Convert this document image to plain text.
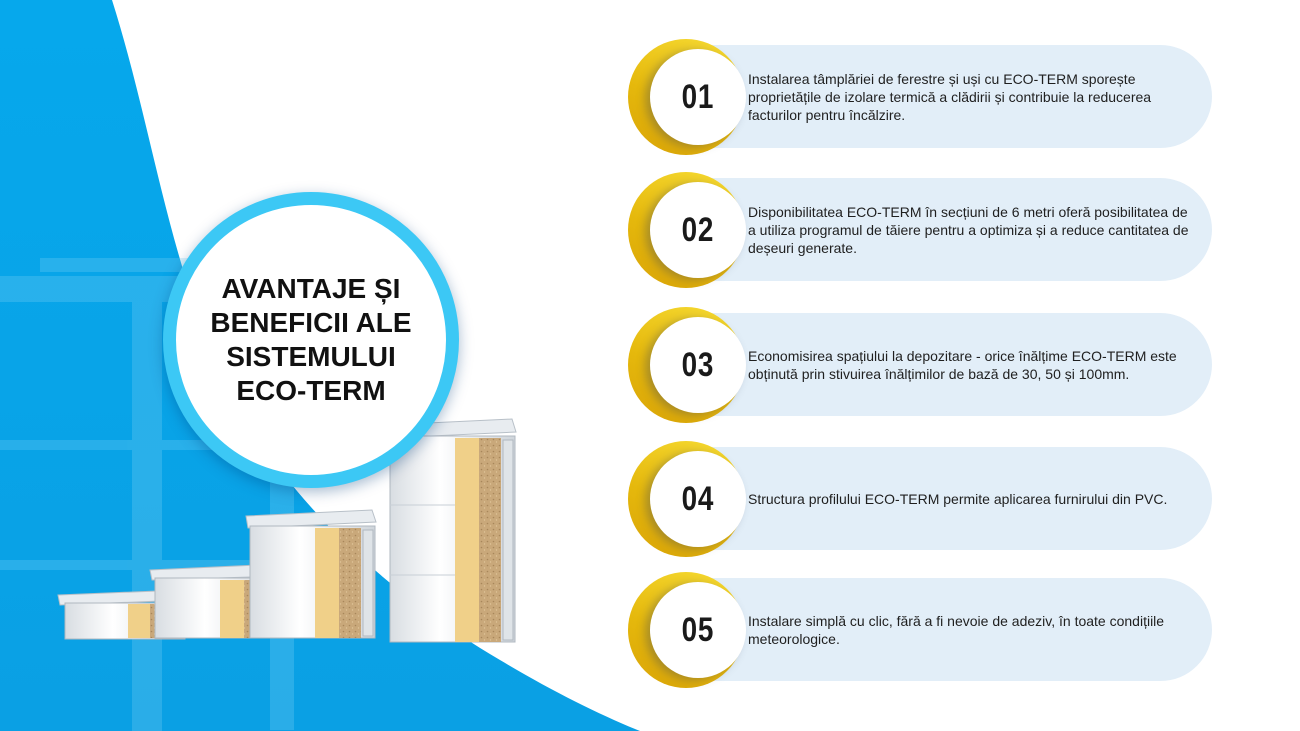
AVANTAJE ȘI BENEFICII ALE SISTEMULUI ECO-TERM
01 Instalarea tâmplăriei de ferestre și uși cu ECO-TERM sporește proprietățile de izolare termică a clădirii și contribuie la reducerea facturilor pentru încălzire.
02 Disponibilitatea ECO-TERM în secțiuni de 6 metri oferă posibilitatea de a utiliza programul de tăiere pentru a optimiza și a reduce cantitatea de deșeuri generate.
03 Economisirea spațiului la depozitare - orice înălțime ECO-TERM este obținută prin stivuirea înălțimilor de bază de 30, 50 și 100mm.
04 Structura profilului ECO-TERM permite aplicarea furnirului din PVC.
05 Instalare simplă cu clic, fără a fi nevoie de adeziv, în toate condițiile meteorologice.
